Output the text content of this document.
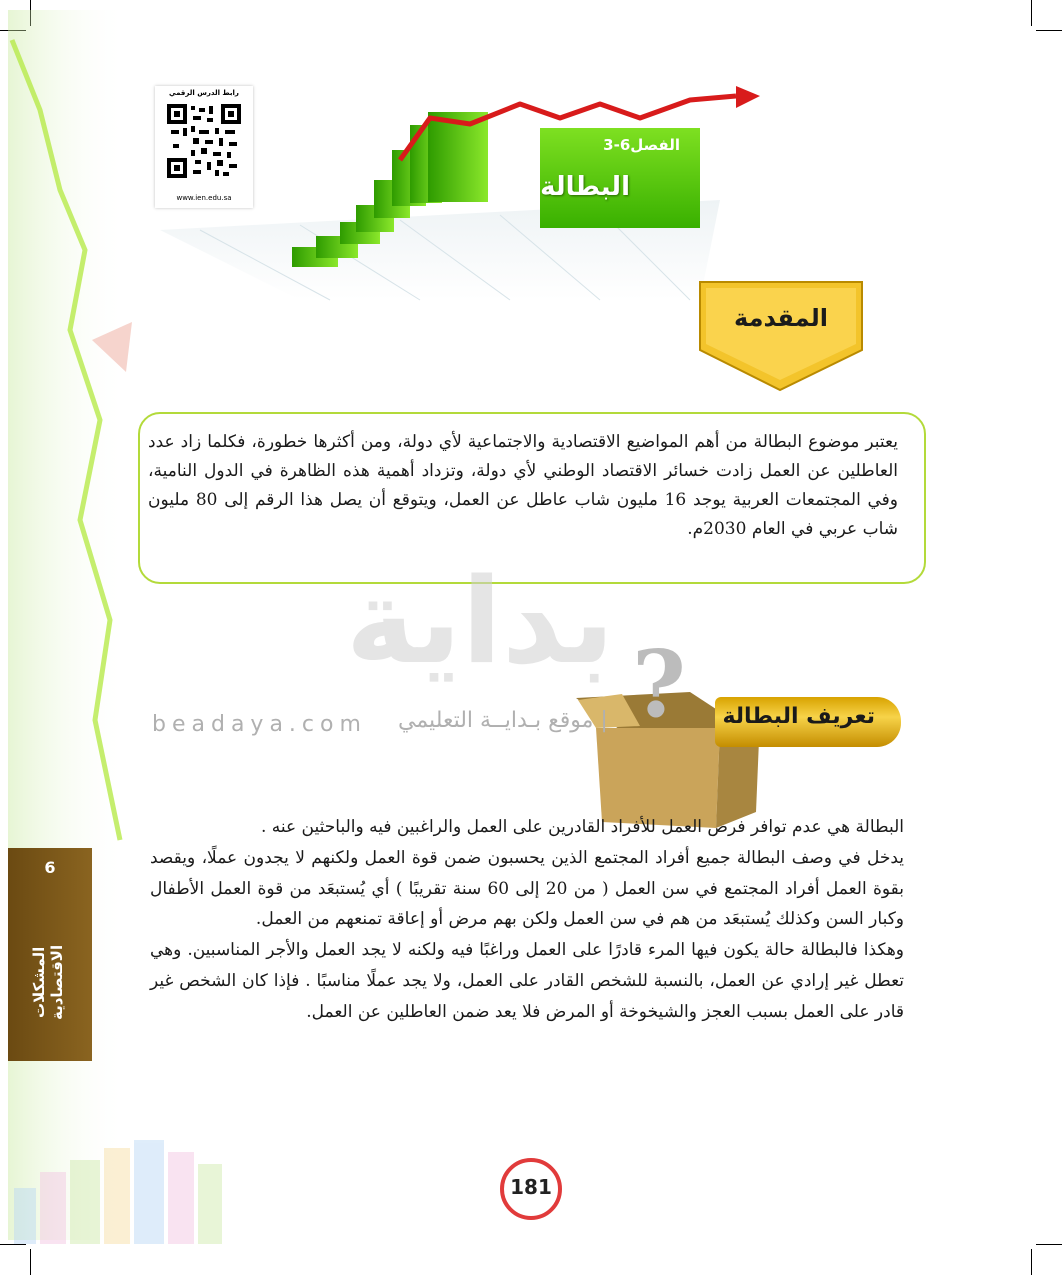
?
رابط الدرس الرقمي
www.ien.edu.sa
الفصل6-3
البطالة
المقدمة
يعتبر موضوع البطالة من أهم المواضيع الاقتصادية والاجتماعية لأي دولة، ومن أكثرها خطورة، فكلما زاد عدد العاطلين عن العمل زادت خسائر الاقتصاد الوطني لأي دولة، وتزداد أهمية هذه الظاهرة في الدول النامية، وفي المجتمعات العربية يوجد 16 مليون شاب عاطل عن العمل، ويتوقع أن يصل هذا الرقم إلى 80 مليون شاب عربي في العام 2030م.
بداية
beadaya.com | موقع بـدايــة التعليمي	تعريف البطالة

البطالة هي عدم توافر فرص العمل للأفراد القادرين على العمل والراغبين فيه والباحثين عنه .

يدخل في وصف البطالة جميع أفراد المجتمع الذين يحسبون ضمن قوة العمل ولكنهم لا يجدون عملًا، ويقصد بقوة العمل أفراد المجتمع في سن العمل ( من 20 إلى 60 سنة تقريبًا ) أي يُستبعَد من قوة العمل الأطفال وكبار السن وكذلك يُستبعَد من هم في سن العمل ولكن بهم مرض أو إعاقة تمنعهم من العمل.

وهكذا فالبطالة حالة يكون فيها المرء قادرًا على العمل وراغبًا فيه ولكنه لا يجد العمل والأجر المناسبين. وهي تعطل غير إرادي عن العمل، بالنسبة للشخص القادر على العمل، ولا يجد عملًا مناسبًا . فإذا كان الشخص غير قادر على العمل بسبب العجز والشيخوخة أو المرض فلا يعد ضمن العاطلين عن العمل.

6
المشكلات الاقتصادية
181
